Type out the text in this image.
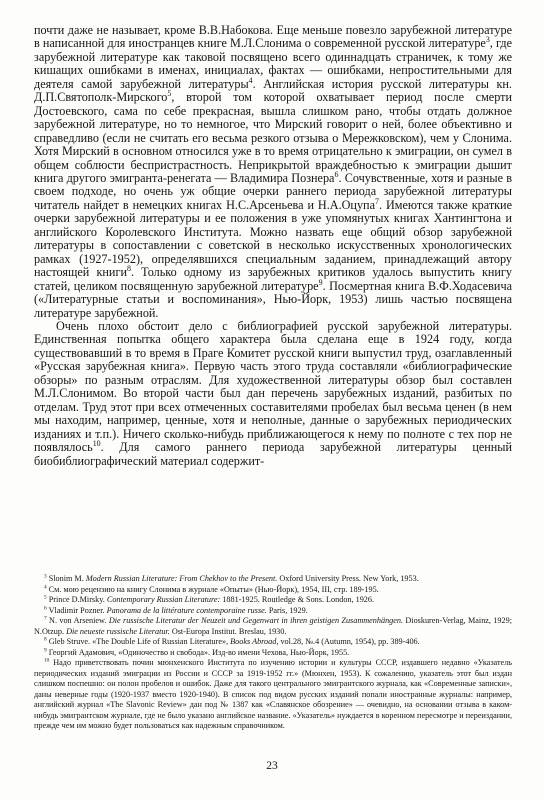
почти даже не называет, кроме В.В.Набокова. Еще меньше повезло зарубежной литературе в написанной для иностранцев книге М.Л.Слонима о современной русской литературе$^3$, где зарубежной литературе как таковой посвящено всего одиннадцать страничек, к тому же кишащих ошибками в именах, инициалах, фактах — ошибками, непростительными для деятеля самой зарубежной литературы$^4$. Английская история русской литературы кн. Д.П.Святополк-Мирского$^5$, второй том которой охватывает период после смерти Достоевского, сама по себе прекрасная, вышла слишком рано, чтобы отдать должное зарубежной литературе, но то немногое, что Мирский говорит о ней, более объективно и справедливо (если не считать его весьма резкого отзыва о Мережковском), чем у Слонима. Хотя Мирский в основном относился уже в то время отрицательно к эмиграции, он сумел в общем соблюсти беспристрастность. Неприкрытой враждебностью к эмиграции дышит книга другого эмигранта-ренегата — Владимира Познера$^6$. Сочувственные, хотя и разные в своем подходе, но очень уж общие очерки раннего периода зарубежной литературы читатель найдет в немецких книгах Н.С.Арсеньева и Н.А.Оцупа$^7$. Имеются также краткие очерки зарубежной литературы и ее положения в уже упомянутых книгах Хантингтона и английского Королевского Института. Можно назвать еще общий обзор зарубежной литературы в сопоставлении с советской в несколько искусственных хронологических рамках (1927-1952), определявшихся специальным заданием, принадлежащий автору настоящей книги$^8$. Только одному из зарубежных критиков удалось выпустить книгу статей, целиком посвященную зарубежной литературе$^9$. Посмертная книга В.Ф.Ходасевича («Литературные статьи и воспоминания», Нью-Йорк, 1953) лишь частью посвящена литературе зарубежной.

Очень плохо обстоит дело с библиографией русской зарубежной литературы. Единственная попытка общего характера была сделана еще в 1924 году, когда существовавший в то время в Праге Комитет русской книги выпустил труд, озаглавленный «Русская зарубежная книга». Первую часть этого труда составляли «библиографические обзоры» по разным отраслям. Для художественной литературы обзор был составлен М.Л.Слонимом. Во второй части был дан перечень зарубежных изданий, разбитых по отделам. Труд этот при всех отмеченных составителями пробелах был весьма ценен (в нем мы находим, например, ценные, хотя и неполные, данные о зарубежных периодических изданиях и т.п.). Ничего сколько-нибудь приближающегося к нему по полноте с тех пор не появлялось$^{10}$. Для самого раннего периода зарубежной литературы ценный биобиблиографический материал содержит-

$^3$ Slonim M. Modern Russian Literature: From Chekhov to the Present. Oxford University Press. New York, 1953.

$^4$ См. мою рецензию на книгу Слонима в журнале «Опыты» (Нью-Йорк), 1954, III, стр. 189-195.

$^5$ Prince D.Mirsky. Contemporary Russian Literature: 1881-1925. Routledge & Sons. London, 1926.

$^6$ Vladimir Pozner. Panorama de la littérature contemporaine russe. Paris, 1929.

$^7$ N. von Arseniew. Die russische Literatur der Neuzeit und Gegenwart in ihren geistigen Zusammenhängen. Dioskuren-Verlag, Mainz, 1929; N.Otzup. Die neueste russische Literatur. Ost-Europa Institut. Breslau, 1930.

$^8$ Gleb Struve. «The Double Life of Russian Literature», Books Abroad, vol.28, №.4 (Autumn, 1954), pp. 389-406.

$^9$ Георгий Адамович, «Одиночество и свобода». Изд-во имени Чехова, Нью-Йорк, 1955.

$^{10}$ Надо приветствовать почин мюнхенского Института по изучению истории и культуры СССР, издавшего недавно «Указатель периодических изданий эмиграции из России и СССР за 1919-1952 гг.» (Мюнхен, 1953). К сожалению, указатель этот был издан слишком поспешно: он полон пробелов и ошибок. Даже для такого центрального эмигрантского журнала, как «Современные записки», даны неверные годы (1920-1937 вместо 1920-1940). В список под видом русских изданий попали иностранные журналы: например, английский журнал «The Slavonic Review» дан под № 1387 как «Славянское обозрение» — очевидно, на основании отзыва в каком-нибудь эмигрантском журнале, где не было указано английское название. «Указатель» нуждается в коренном пересмотре и переиздании, прежде чем им можно будет пользоваться как надежным справочником.

23
